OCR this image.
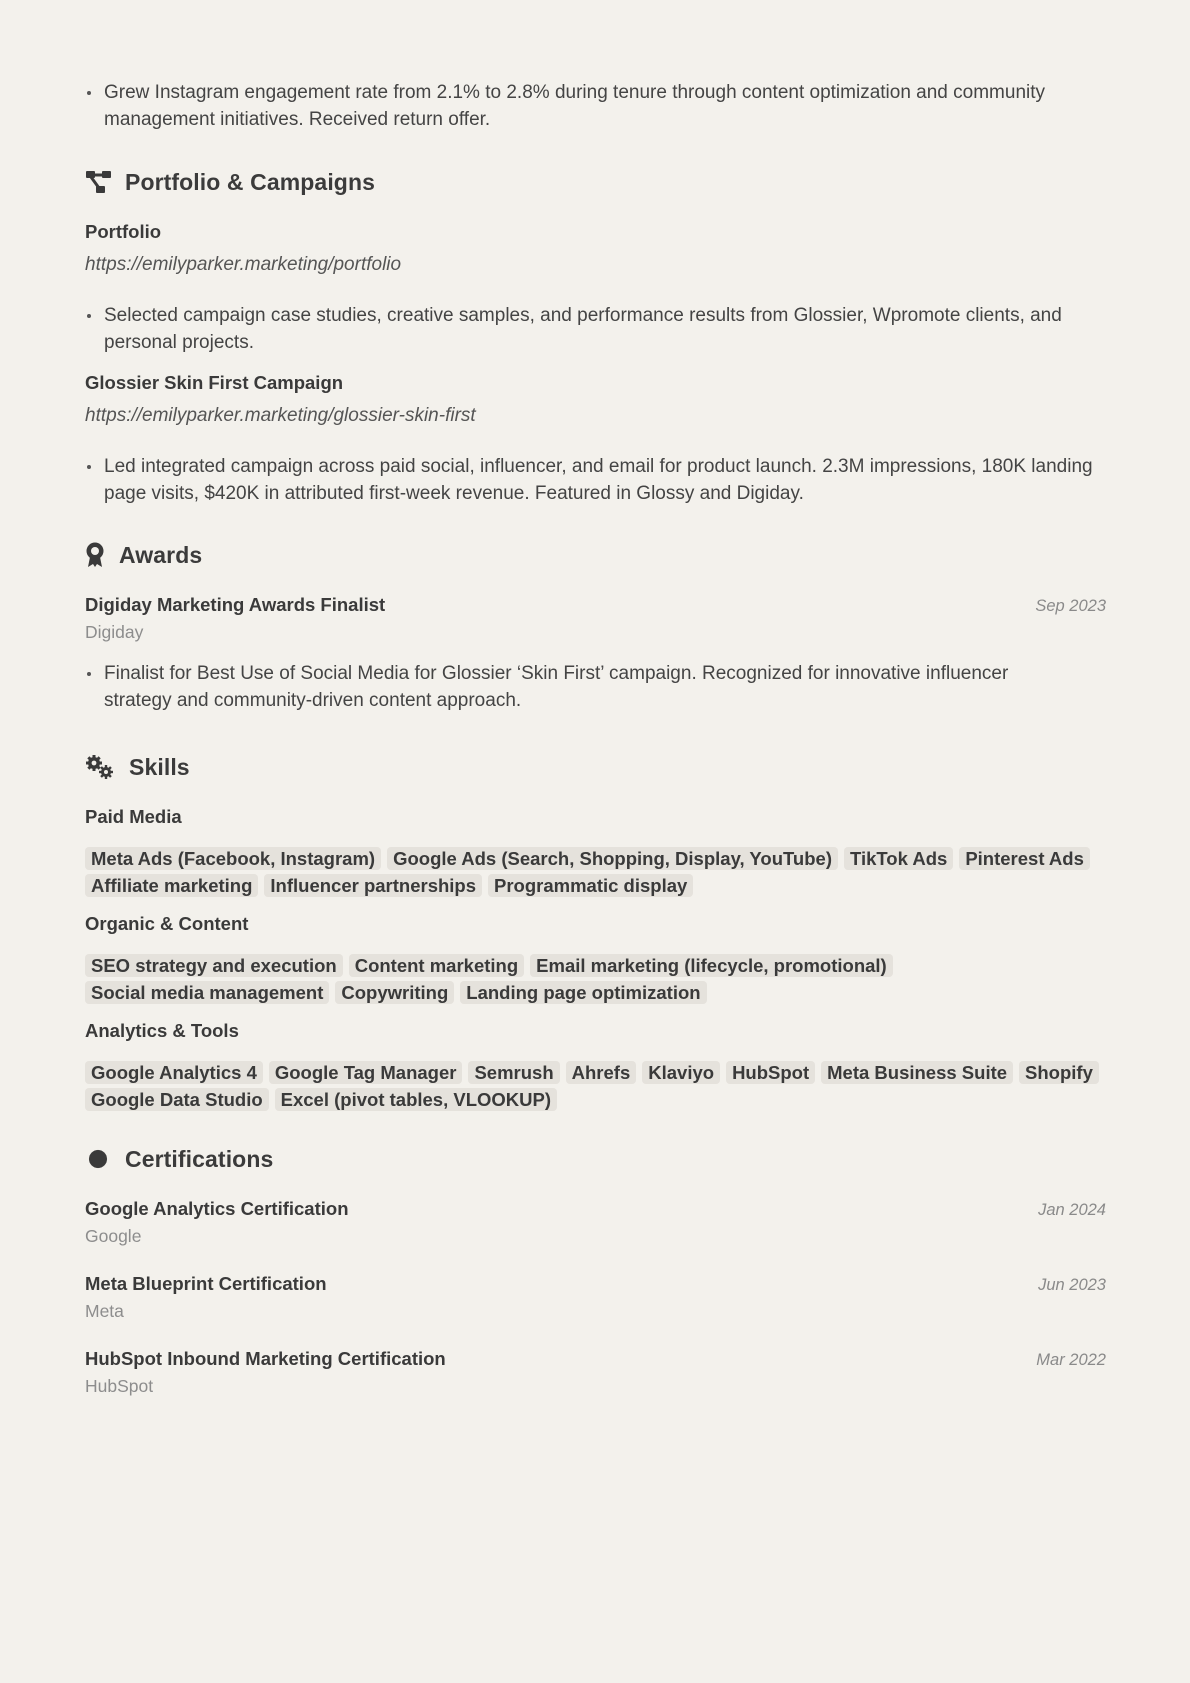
Grew Instagram engagement rate from 2.1% to 2.8% during tenure through content optimization and community management initiatives. Received return offer.
Portfolio & Campaigns
Portfolio
https://emilyparker.marketing/portfolio
Selected campaign case studies, creative samples, and performance results from Glossier, Wpromote clients, and personal projects.
Glossier Skin First Campaign
https://emilyparker.marketing/glossier-skin-first
Led integrated campaign across paid social, influencer, and email for product launch. 2.3M impressions, 180K landing page visits, $420K in attributed first-week revenue. Featured in Glossy and Digiday.
Awards
Digiday Marketing Awards Finalist	Sep 2023
Digiday
Finalist for Best Use of Social Media for Glossier ‘Skin First’ campaign. Recognized for innovative influencer strategy and community-driven content approach.
Skills
Paid Media
Meta Ads (Facebook, Instagram) Google Ads (Search, Shopping, Display, YouTube) TikTok Ads Pinterest Ads
Affiliate marketing Influencer partnerships Programmatic display
Organic & Content
SEO strategy and execution Content marketing Email marketing (lifecycle, promotional)
Social media management Copywriting Landing page optimization
Analytics & Tools
Google Analytics 4 Google Tag Manager Semrush Ahrefs Klaviyo HubSpot Meta Business Suite Shopify
Google Data Studio Excel (pivot tables, VLOOKUP)
Certifications
Google Analytics Certification	Jan 2024
Google
Meta Blueprint Certification	Jun 2023
Meta
HubSpot Inbound Marketing Certification	Mar 2022
HubSpot
